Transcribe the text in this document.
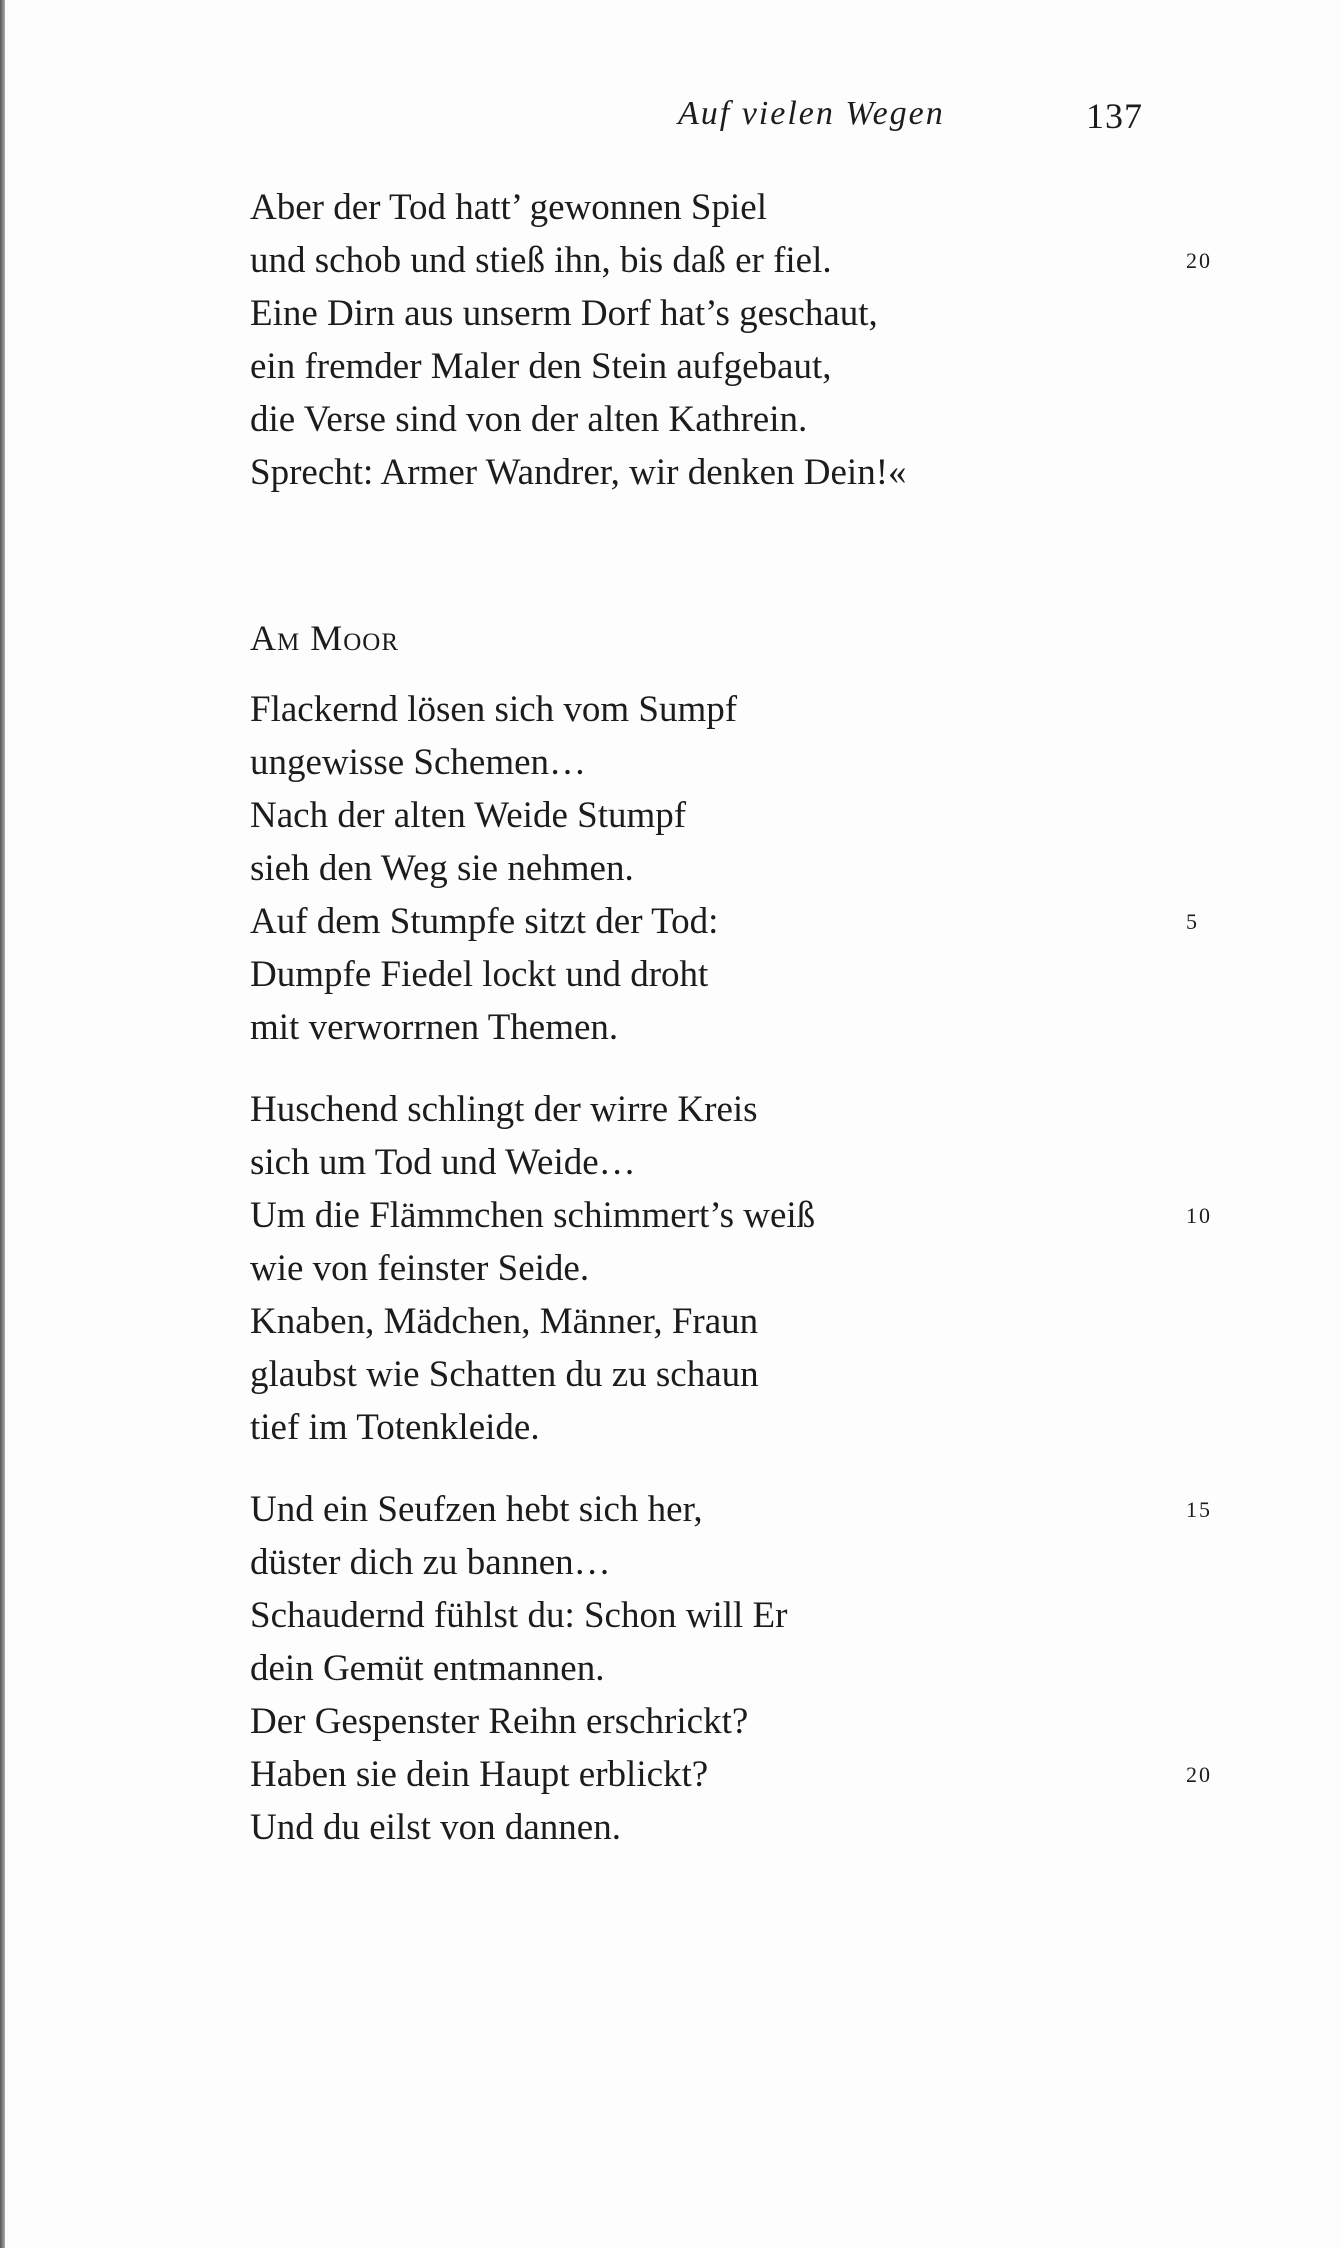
Auf vielen Wegen	137
Aber der Tod hatt’ gewonnen Spiel
und schob und stieß ihn, bis daß er fiel.	20
Eine Dirn aus unserm Dorf hat’s geschaut,
ein fremder Maler den Stein aufgebaut,
die Verse sind von der alten Kathrein.
Sprecht: Armer Wandrer, wir denken Dein!«
Am Moor
Flackernd lösen sich vom Sumpf
ungewisse Schemen…
Nach der alten Weide Stumpf
sieh den Weg sie nehmen.
Auf dem Stumpfe sitzt der Tod:	5
Dumpfe Fiedel lockt und droht
mit verworrnen Themen.
Huschend schlingt der wirre Kreis
sich um Tod und Weide…
Um die Flämmchen schimmert’s weiß	10
wie von feinster Seide.
Knaben, Mädchen, Männer, Fraun
glaubst wie Schatten du zu schaun
tief im Totenkleide.
Und ein Seufzen hebt sich her,	15
düster dich zu bannen…
Schaudernd fühlst du: Schon will Er
dein Gemüt entmannen.
Der Gespenster Reihn erschrickt?
Haben sie dein Haupt erblickt?	20
Und du eilst von dannen.
